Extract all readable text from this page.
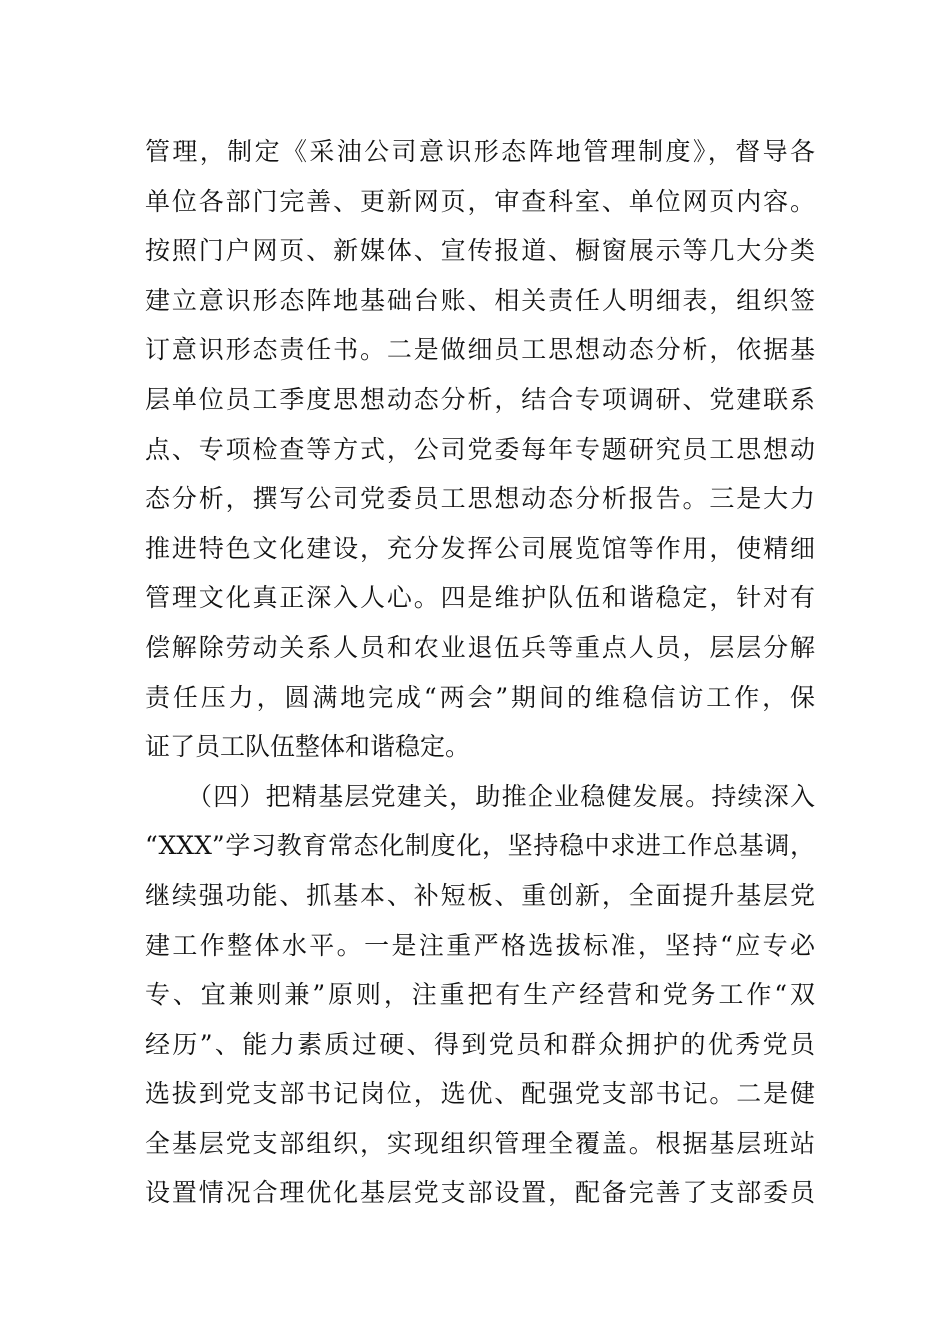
管理，制定《采油公司意识形态阵地管理制度》，督导各
单位各部门完善、更新网页，审查科室、单位网页内容。
按照门户网页、新媒体、宣传报道、橱窗展示等几大分类
建立意识形态阵地基础台账、相关责任人明细表，组织签
订意识形态责任书。二是做细员工思想动态分析，依据基
层单位员工季度思想动态分析，结合专项调研、党建联系
点、专项检查等方式，公司党委每年专题研究员工思想动
态分析，撰写公司党委员工思想动态分析报告。三是大力
推进特色文化建设，充分发挥公司展览馆等作用，使精细
管理文化真正深入人心。四是维护队伍和谐稳定，针对有
偿解除劳动关系人员和农业退伍兵等重点人员，层层分解
责任压力，圆满地完成“两会”期间的维稳信访工作，保
证了员工队伍整体和谐稳定。
（四）把精基层党建关，助推企业稳健发展。持续深入
“XXX”学习教育常态化制度化，坚持稳中求进工作总基调，
继续强功能、抓基本、补短板、重创新，全面提升基层党
建工作整体水平。一是注重严格选拔标准，坚持“应专必
专、宜兼则兼”原则，注重把有生产经营和党务工作“双
经历”、能力素质过硬、得到党员和群众拥护的优秀党员
选拔到党支部书记岗位，选优、配强党支部书记。二是健
全基层党支部组织，实现组织管理全覆盖。根据基层班站
设置情况合理优化基层党支部设置，配备完善了支部委员
